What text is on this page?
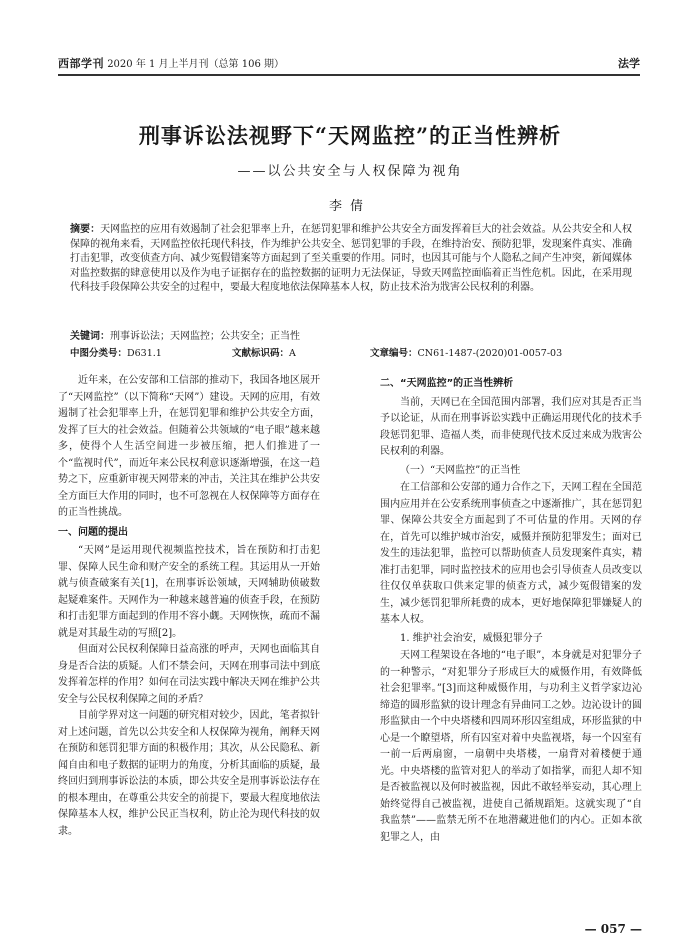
西部学刊 2020 年 1 月上半月刊（总第 106 期）	法学
刑事诉讼法视野下“天网监控”的正当性辨析
——以公共安全与人权保障为视角
李倩

摘要：天网监控的应用有效遏制了社会犯罪率上升，在惩罚犯罪和维护公共安全方面发挥着巨大的社会效益。从公共安全和人权保障的视角来看，天网监控依托现代科技，作为维护公共安全、惩罚犯罪的手段，在维持治安、预防犯罪，发现案件真实、准确打击犯罪，改变侦查方向、减少冤假错案等方面起到了至关重要的作用。同时，也因其可能与个人隐私之间产生冲突，新闻媒体对监控数据的肆意使用以及作为电子证据存在的监控数据的证明力无法保证，导致天网监控面临着正当性危机。因此，在采用现代科技手段保障公共安全的过程中，要最大程度地依法保障基本人权，防止技术治为戕害公民权利的利器。

关键词：刑事诉讼法；天网监控；公共安全；正当性

中图分类号：D631.1	文献标识码：A	文章编号：CN61-1487-(2020)01-0057-03

近年来，在公安部和工信部的推动下，我国各地区展开了“天网监控”（以下简称“天网”）建设。天网的应用，有效遏制了社会犯罪率上升，在惩罚犯罪和维护公共安全方面，发挥了巨大的社会效益。但随着公共领域的“电子眼”越来越多，使得个人生活空间进一步被压缩，把人们推进了一个“监视时代”，而近年来公民权利意识逐渐增强，在这一趋势之下，应重新审视天网带来的冲击，关注其在维护公共安全方面巨大作用的同时，也不可忽视在人权保障等方面存在的正当性挑战。

一、问题的提出

“天网”是运用现代视频监控技术，旨在预防和打击犯罪、保障人民生命和财产安全的系统工程。其运用从一开始就与侦查破案有关[1]，在刑事诉讼领域，天网辅助侦破数起疑难案件。天网作为一种越来越普遍的侦查手段，在预防和打击犯罪方面起到的作用不容小觑。天网恢恢，疏而不漏就是对其最生动的写照[2]。

但面对公民权利保障日益高涨的呼声，天网也面临其自身是否合法的质疑。人们不禁会问，天网在刑事司法中到底发挥着怎样的作用？如何在司法实践中解决天网在维护公共安全与公民权利保障之间的矛盾？

目前学界对这一问题的研究相对较少，因此，笔者拟针对上述问题，首先以公共安全和人权保障为视角，阐释天网在预防和惩罚犯罪方面的积极作用；其次，从公民隐私、新闻自由和电子数据的证明力的角度，分析其面临的质疑，最终回归到刑事诉讼法的本质，即公共安全是刑事诉讼法存在的根本理由，在尊重公共安全的前提下，要最大程度地依法保障基本人权，维护公民正当权利，防止沦为现代科技的奴隶。

二、“天网监控”的正当性辨析

当前，天网已在全国范围内部署，我们应对其是否正当予以论证，从而在刑事诉讼实践中正确运用现代化的技术手段惩罚犯罪、造福人类，而非使现代技术反过来成为戕害公民权利的利器。

（一）“天网监控”的正当性

在工信部和公安部的通力合作之下，天网工程在全国范围内应用并在公安系统刑事侦查之中逐渐推广，其在惩罚犯罪、保障公共安全方面起到了不可估量的作用。天网的存在，首先可以维护城市治安，威慑并预防犯罪发生；面对已发生的违法犯罪，监控可以帮助侦查人员发现案件真实，精准打击犯罪，同时监控技术的应用也会引导侦查人员改变以往仅仅单获取口供来定罪的侦查方式，减少冤假错案的发生，减少惩罚犯罪所耗费的成本，更好地保障犯罪嫌疑人的基本人权。

1. 维护社会治安，威慑犯罪分子

天网工程架设在各地的“电子眼”，本身就是对犯罪分子的一种警示，“对犯罪分子形成巨大的威慑作用，有效降低社会犯罪率。”[3]而这种威慑作用，与功利主义哲学家边沁缔造的圆形监狱的设计理念有异曲同工之妙。边沁设计的圆形监狱由一个中央塔楼和四周环形囚室组成，环形监狱的中心是一个瞭望塔，所有囚室对着中央监视塔，每一个囚室有一前一后两扇窗，一扇朝中央塔楼，一扇背对着楼便于通光。中央塔楼的监管对犯人的举动了如指掌，而犯人却不知是否被监视以及何时被监视，因此不敢轻举妄动，其心理上始终觉得自己被监视，进使自己循规蹈矩。这就实现了“自我监禁”——监禁无所不在地潜藏进他们的内心。正如本欲犯罪之人，由

— 057 —
